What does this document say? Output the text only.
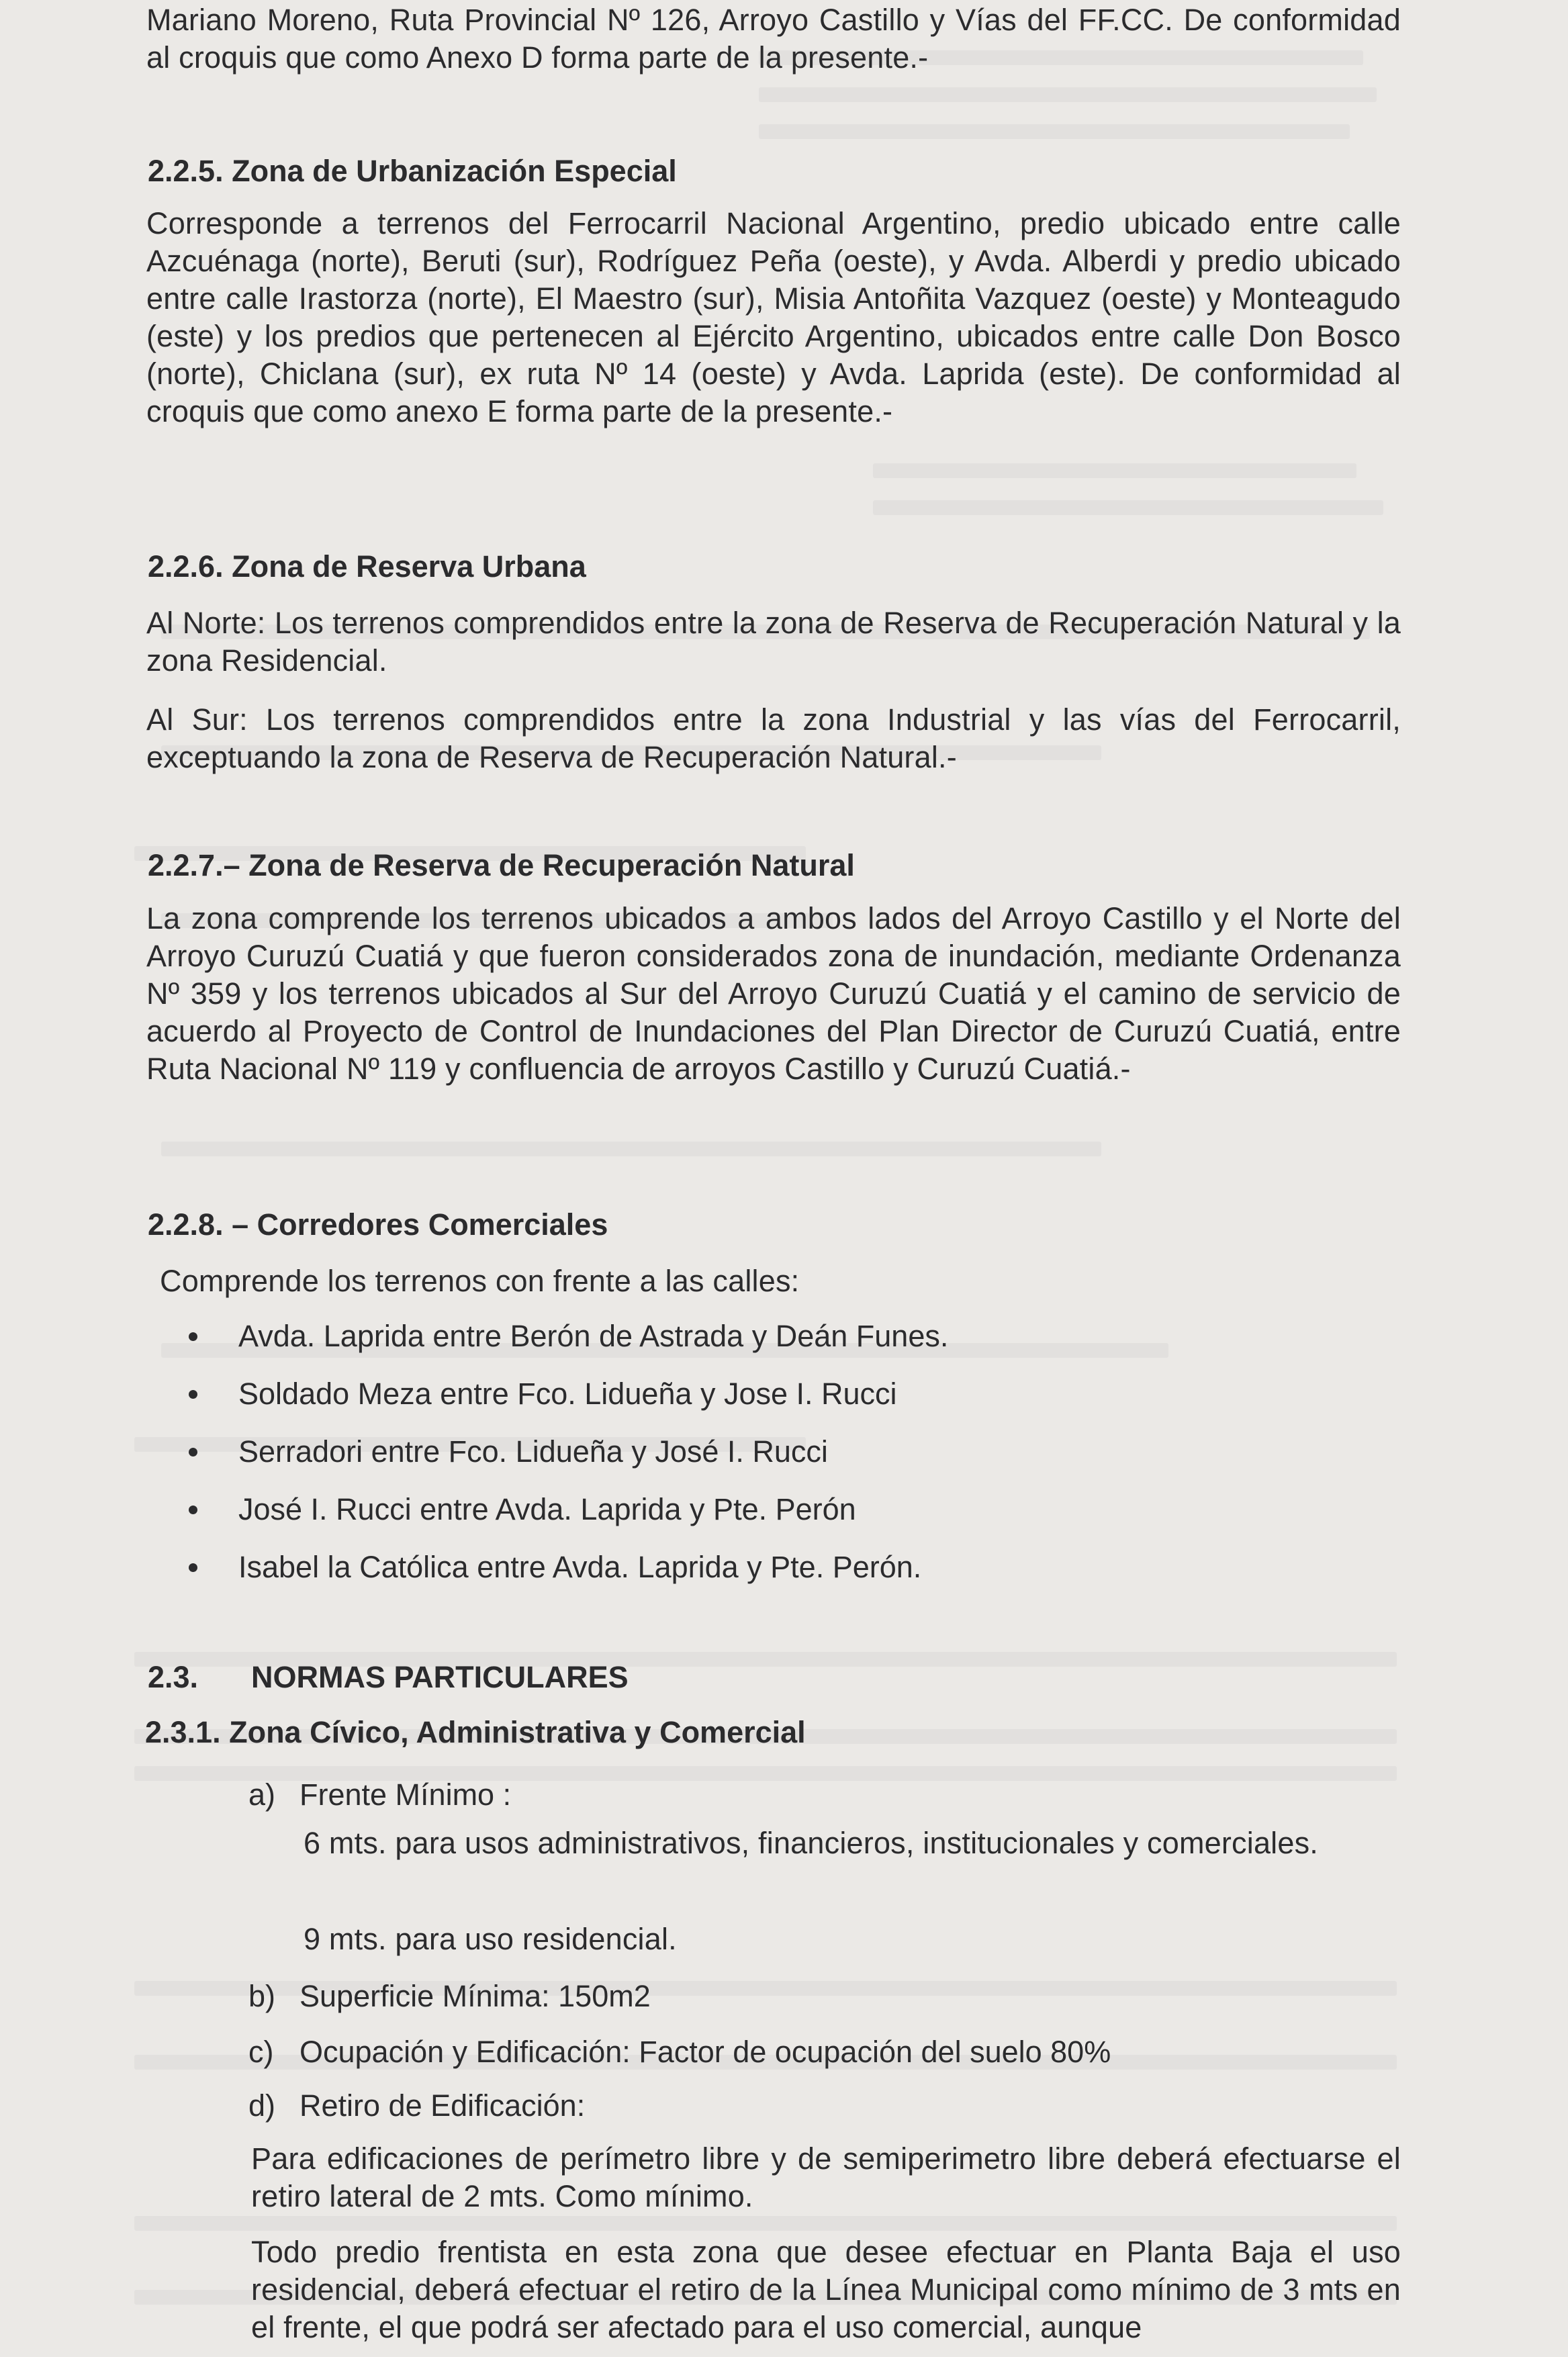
Mariano Moreno, Ruta Provincial Nº 126, Arroyo Castillo y Vías del FF.CC. De conformidad al croquis que como Anexo D forma parte de la presente.-

2.2.5. Zona de Urbanización Especial

Corresponde a terrenos del Ferrocarril Nacional Argentino, predio ubicado entre calle Azcuénaga (norte), Beruti (sur), Rodríguez Peña (oeste), y Avda. Alberdi y predio ubicado entre calle Irastorza (norte), El Maestro (sur), Misia Antoñita Vazquez (oeste) y Monteagudo (este) y los predios que pertenecen al Ejército Argentino, ubicados entre calle Don Bosco (norte), Chiclana (sur), ex ruta Nº 14 (oeste) y Avda. Laprida (este). De conformidad al croquis que como anexo E forma parte de la presente.-

2.2.6. Zona de Reserva Urbana

Al Norte: Los terrenos comprendidos entre la zona de Reserva de Recuperación Natural y la zona Residencial.

Al Sur: Los terrenos comprendidos entre la zona Industrial y las vías del Ferrocarril, exceptuando la zona de Reserva de Recuperación Natural.-

2.2.7.– Zona de Reserva de Recuperación Natural

La zona comprende los terrenos ubicados a ambos lados del Arroyo Castillo y el Norte del Arroyo Curuzú Cuatiá y que fueron considerados zona de inundación, mediante Ordenanza Nº 359 y los terrenos ubicados al Sur del Arroyo Curuzú Cuatiá y el camino de servicio de acuerdo al Proyecto de Control de Inundaciones del Plan Director de Curuzú Cuatiá, entre Ruta Nacional Nº 119 y confluencia de arroyos Castillo y Curuzú Cuatiá.-

2.2.8. – Corredores Comerciales

Comprende los terrenos con frente a las calles:

Avda. Laprida entre Berón de Astrada y Deán Funes.
Soldado Meza entre Fco. Lidueña y Jose I. Rucci
Serradori entre Fco. Lidueña y José I. Rucci
José I. Rucci entre Avda. Laprida y Pte. Perón
Isabel la Católica entre Avda. Laprida y Pte. Perón.
2.3. NORMAS PARTICULARES
2.3.1. Zona Cívico, Administrativa y Comercial
a) Frente Mínimo :

6 mts. para usos administrativos, financieros, institucionales y comerciales.

9 mts. para uso residencial.

b) Superficie Mínima: 150m2
c) Ocupación y Edificación: Factor de ocupación del suelo 80%
d) Retiro de Edificación:

Para edificaciones de perímetro libre y de semiperimetro libre deberá efectuarse el retiro lateral de 2 mts. Como mínimo.

Todo predio frentista en esta zona que desee efectuar en Planta Baja el uso residencial, deberá efectuar el retiro de la Línea Municipal como mínimo de 3 mts en el frente, el que podrá ser afectado para el uso comercial, aunque
